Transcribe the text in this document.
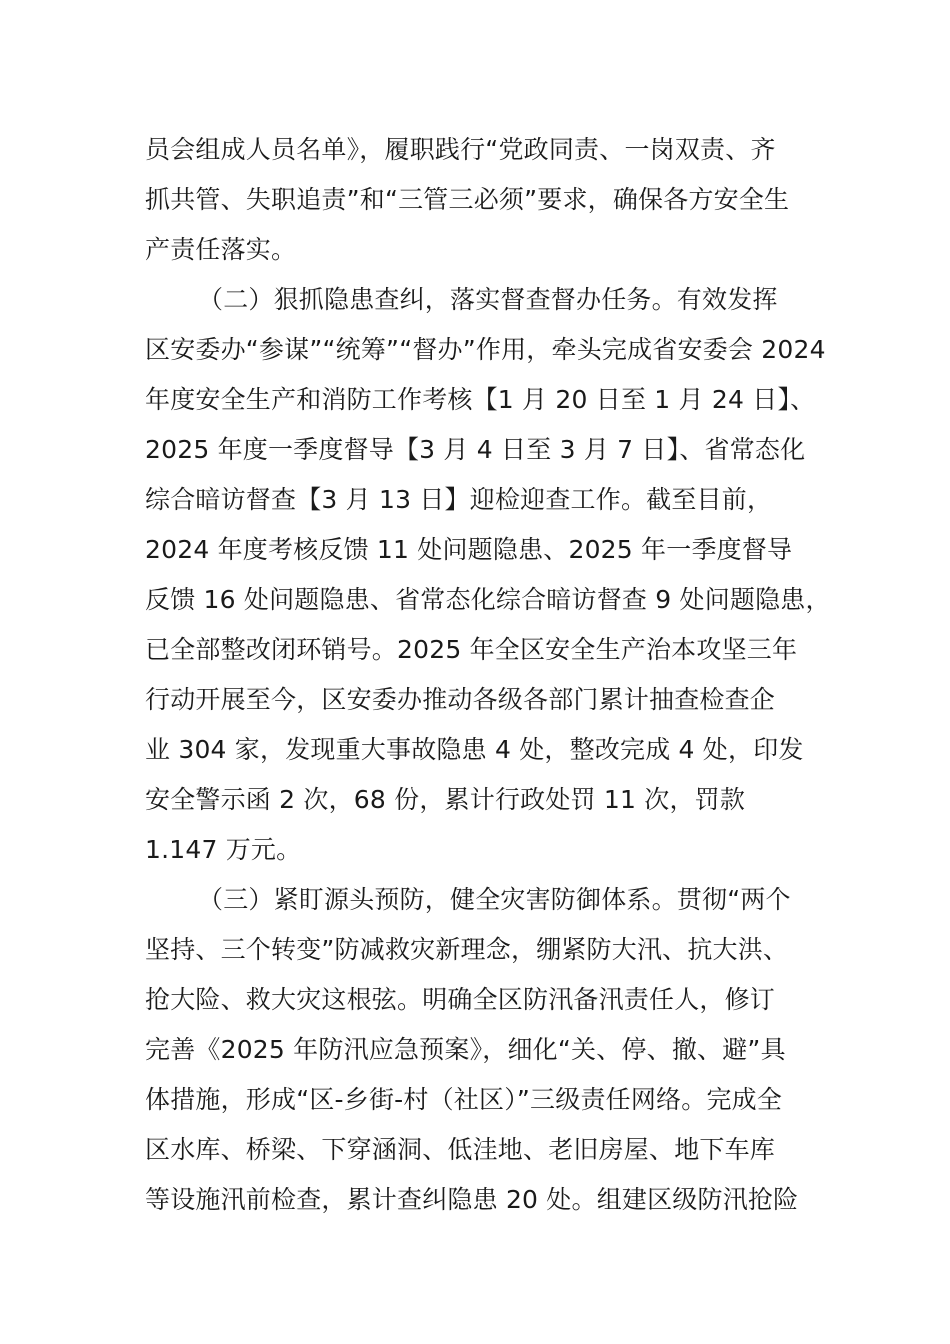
员会组成人员名单》，履职践行“党政同责、一岗双责、齐
抓共管、失职追责”和“三管三必须”要求，确保各方安全生
产责任落实。
（二）狠抓隐患查纠，落实督查督办任务。有效发挥
区安委办“参谋”“统筹”“督办”作用，牵头完成省安委会 2024
年度安全生产和消防工作考核【1 月 20 日至 1 月 24 日】、
2025 年度一季度督导【3 月 4 日至 3 月 7 日】、省常态化
综合暗访督查【3 月 13 日】迎检迎查工作。截至目前，
2024 年度考核反馈 11 处问题隐患、2025 年一季度督导
反馈 16 处问题隐患、省常态化综合暗访督查 9 处问题隐患，
已全部整改闭环销号。2025 年全区安全生产治本攻坚三年
行动开展至今，区安委办推动各级各部门累计抽查检查企
业 304 家，发现重大事故隐患 4 处，整改完成 4 处，印发
安全警示函 2 次，68 份，累计行政处罚 11 次，罚款
1.147 万元。
（三）紧盯源头预防，健全灾害防御体系。贯彻“两个
坚持、三个转变”防减救灾新理念，绷紧防大汛、抗大洪、
抢大险、救大灾这根弦。明确全区防汛备汛责任人，修订
完善《2025 年防汛应急预案》，细化“关、停、撤、避”具
体措施，形成“区-乡街-村（社区）”三级责任网络。完成全
区水库、桥梁、下穿涵洞、低洼地、老旧房屋、地下车库
等设施汛前检查，累计查纠隐患 20 处。组建区级防汛抢险
